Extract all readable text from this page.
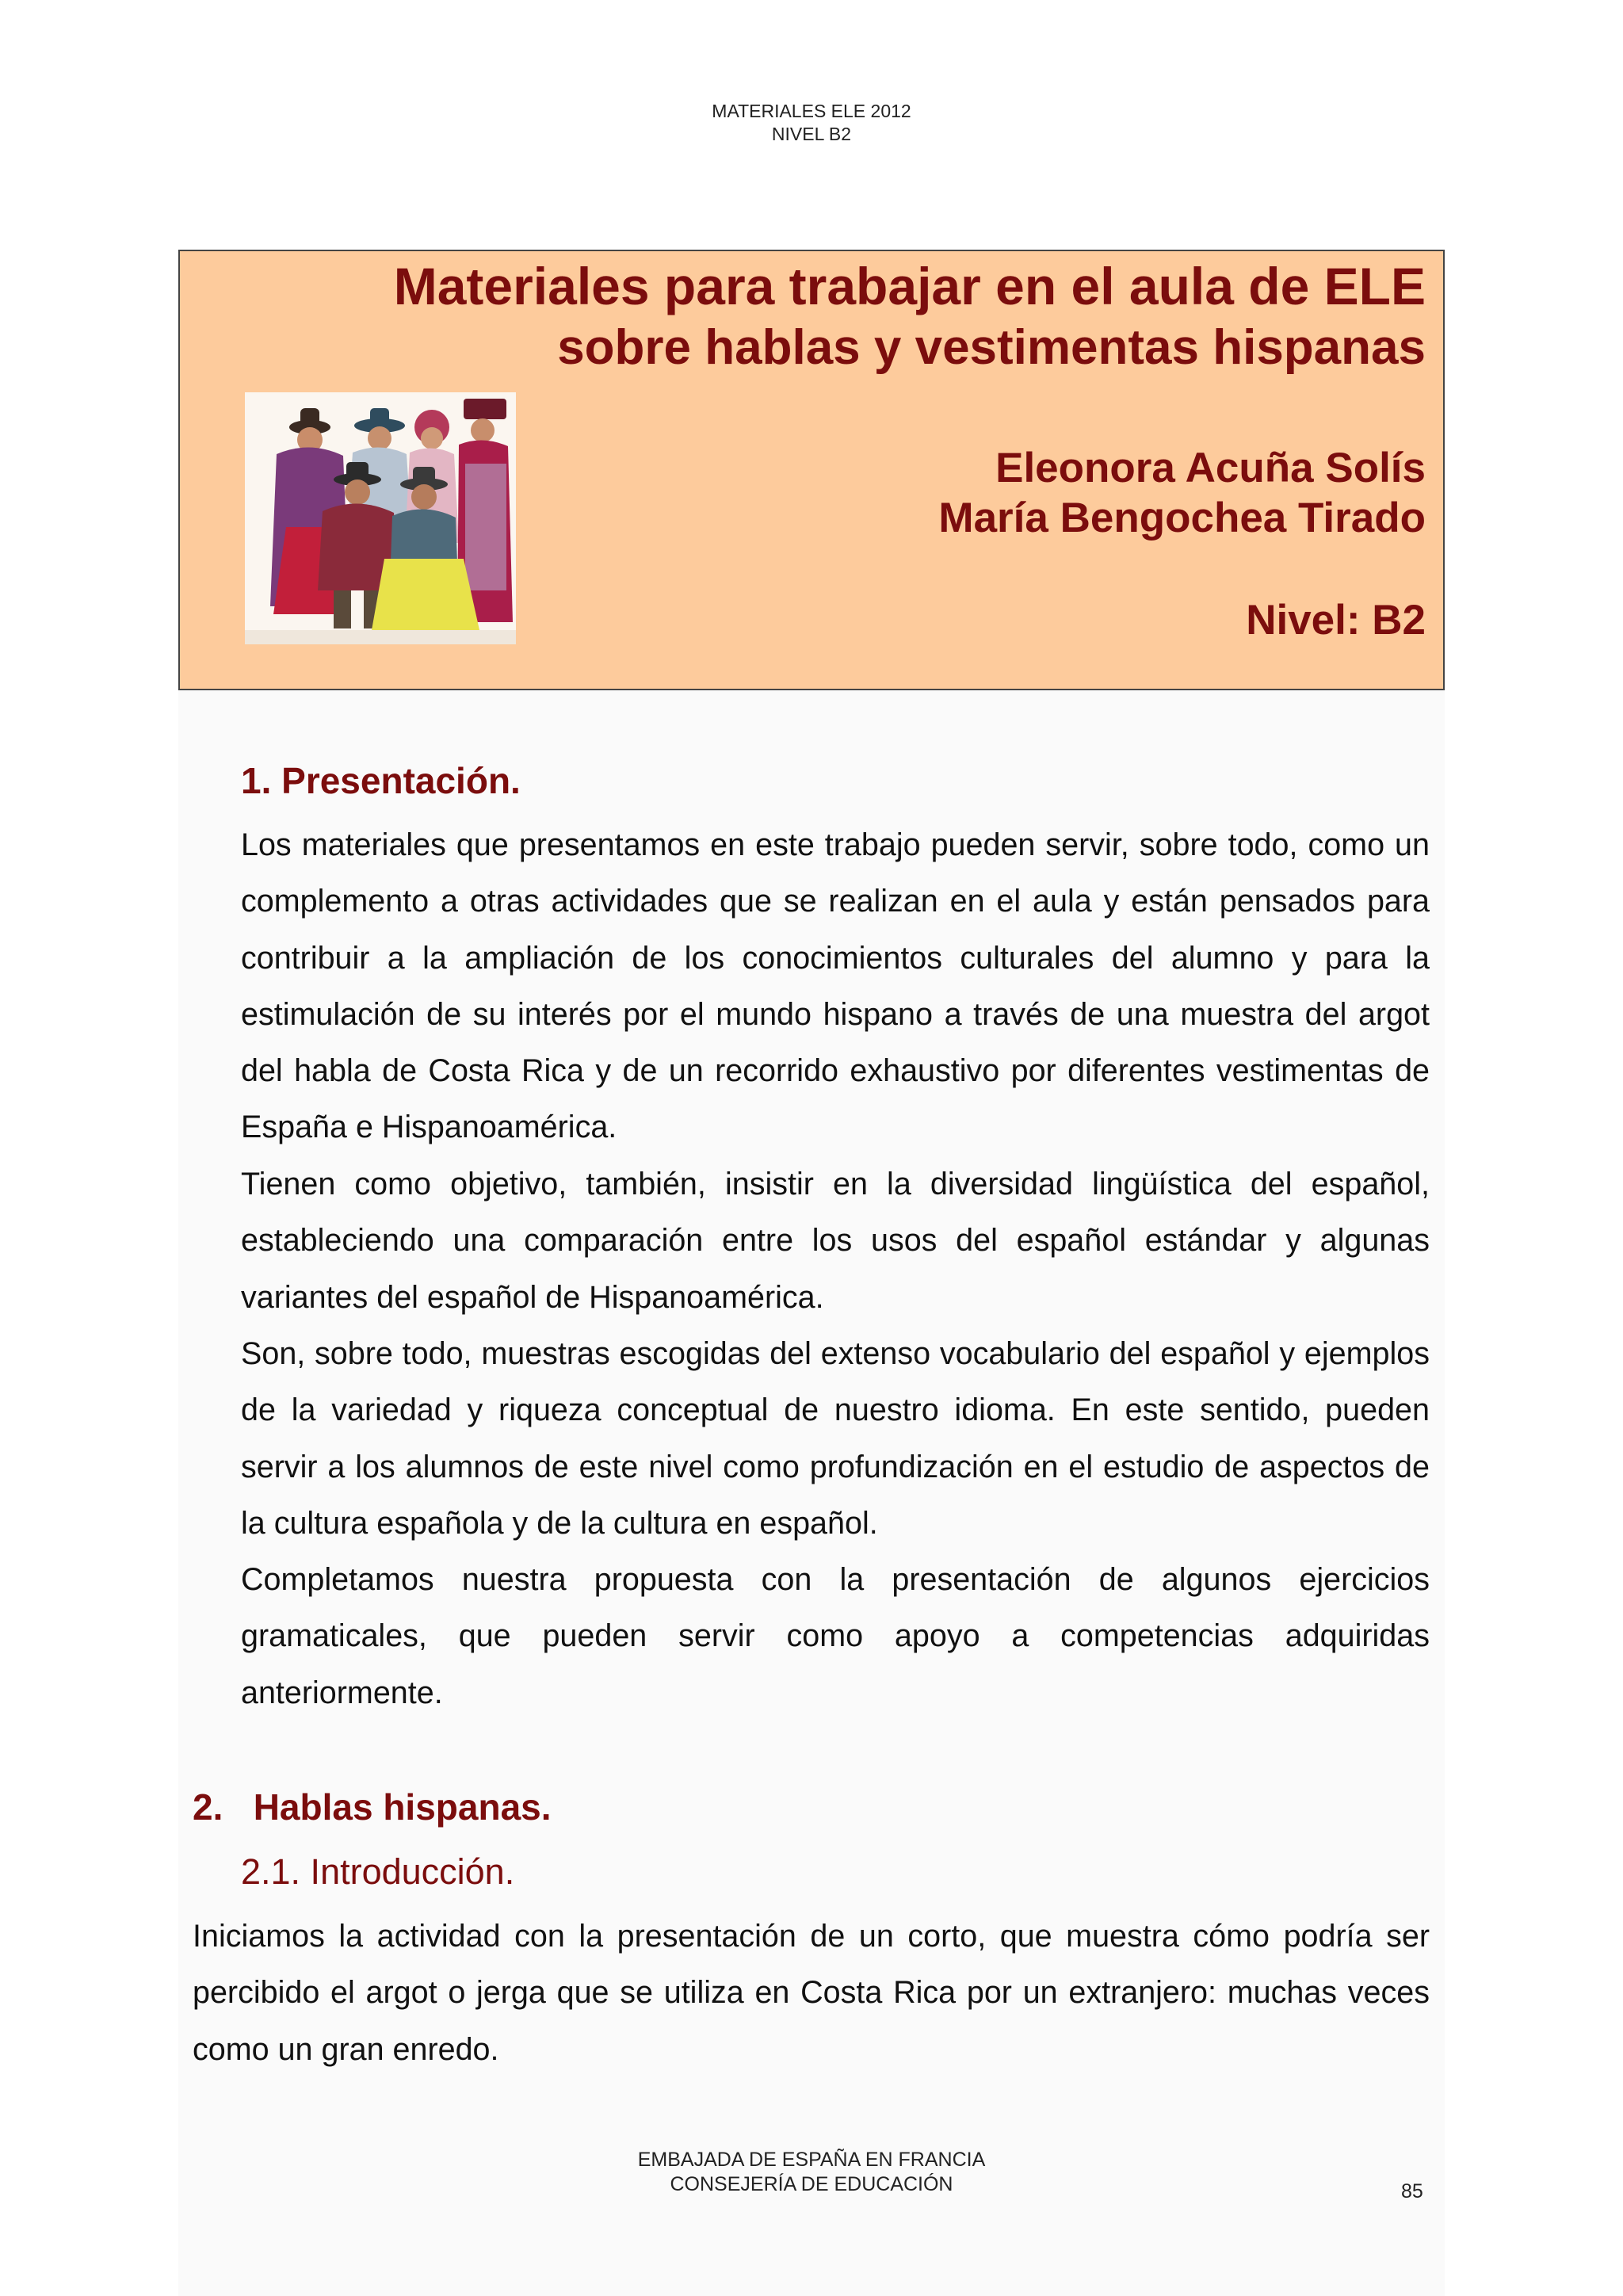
MATERIALES ELE 2012
NIVEL B2
Materiales para trabajar en el aula de ELE
sobre hablas y vestimentas hispanas
Eleonora Acuña Solís
María Bengochea Tirado
Nivel: B2
1. Presentación.

Los materiales que presentamos en este trabajo pueden servir, sobre todo, como un complemento a otras actividades que se realizan en el aula y están pensados para contribuir a la ampliación de los conocimientos culturales del alumno y para la estimulación de su interés por el mundo hispano a través de una muestra del argot del habla de Costa Rica y de un recorrido exhaustivo por diferentes vestimentas de España e Hispanoamérica.

Tienen como objetivo, también, insistir en la diversidad lingüística del español, estableciendo una comparación entre los usos del español estándar y algunas variantes del español de Hispanoamérica.

Son, sobre todo, muestras escogidas del extenso vocabulario del español y ejemplos de la variedad y riqueza conceptual de nuestro idioma. En este sentido, pueden servir a los alumnos de este nivel como profundización en el estudio de aspectos de la cultura española y de la cultura en español.

Completamos nuestra propuesta con la presentación de algunos ejercicios gramaticales, que pueden servir como apoyo a competencias adquiridas anteriormente.

2.   Hablas hispanas.
2.1. Introducción.

Iniciamos la actividad con la presentación de un corto, que muestra cómo podría ser percibido el argot o jerga que se utiliza en Costa Rica por un extranjero: muchas veces como un gran enredo.

EMBAJADA DE ESPAÑA EN FRANCIA
CONSEJERÍA DE EDUCACIÓN	85
